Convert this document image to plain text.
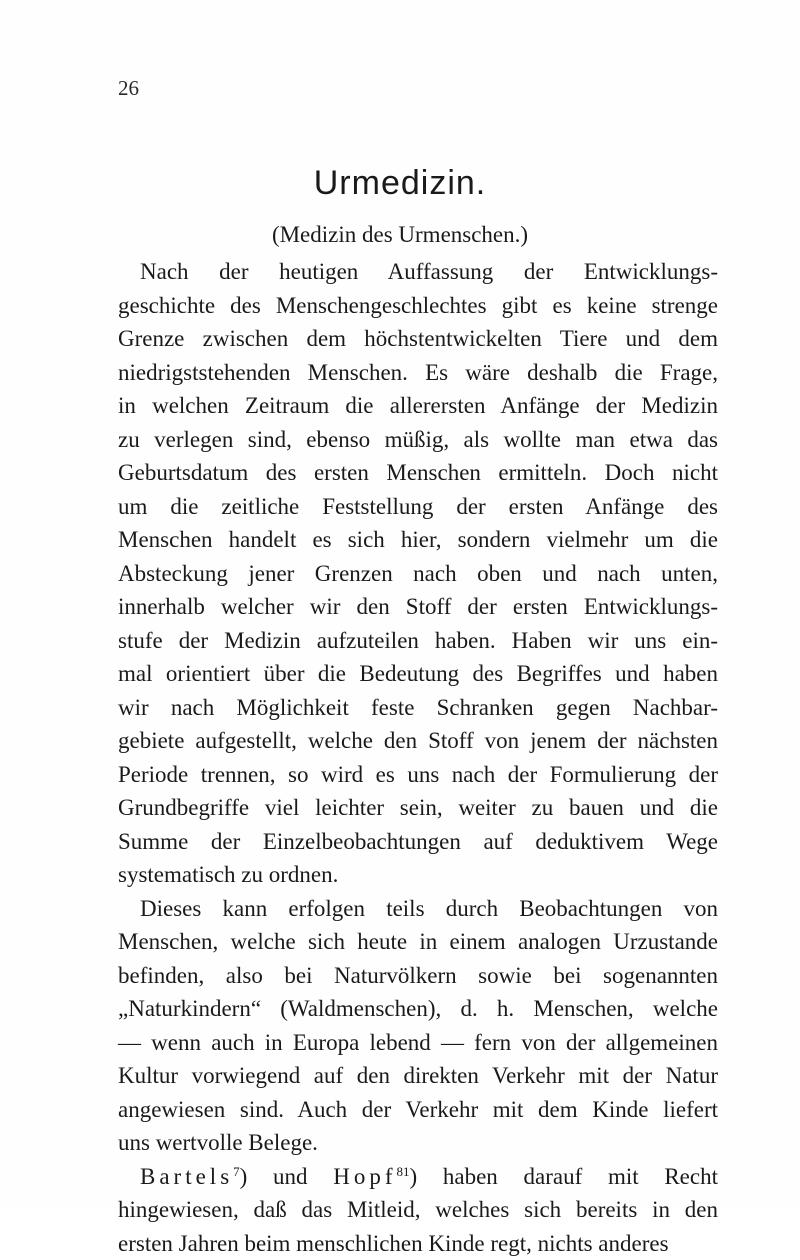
26
Urmedizin.
(Medizin des Urmenschen.)
Nach der heutigen Auffassung der Entwicklungs-
geschichte des Menschengeschlechtes gibt es keine strenge
Grenze zwischen dem höchstentwickelten Tiere und dem
niedrigststehenden Menschen. Es wäre deshalb die Frage,
in welchen Zeitraum die allerersten Anfänge der Medizin
zu verlegen sind, ebenso müßig, als wollte man etwa das
Geburtsdatum des ersten Menschen ermitteln. Doch nicht
um die zeitliche Feststellung der ersten Anfänge des
Menschen handelt es sich hier, sondern vielmehr um die
Absteckung jener Grenzen nach oben und nach unten,
innerhalb welcher wir den Stoff der ersten Entwicklungs-
stufe der Medizin aufzuteilen haben. Haben wir uns ein-
mal orientiert über die Bedeutung des Begriffes und haben
wir nach Möglichkeit feste Schranken gegen Nachbar-
gebiete aufgestellt, welche den Stoff von jenem der nächsten
Periode trennen, so wird es uns nach der Formulierung der
Grundbegriffe viel leichter sein, weiter zu bauen und die
Summe der Einzelbeobachtungen auf deduktivem Wege
systematisch zu ordnen.
Dieses kann erfolgen teils durch Beobachtungen von
Menschen, welche sich heute in einem analogen Urzustande
befinden, also bei Naturvölkern sowie bei sogenannten
„Naturkindern“ (Waldmenschen), d. h. Menschen, welche
— wenn auch in Europa lebend — fern von der allgemeinen
Kultur vorwiegend auf den direkten Verkehr mit der Natur
angewiesen sind. Auch der Verkehr mit dem Kinde liefert
uns wertvolle Belege.
Bartels$^7$) und Hopf$^{81}$) haben darauf mit Recht
hingewiesen, daß das Mitleid, welches sich bereits in den
ersten Jahren beim menschlichen Kinde regt, nichts anderes
